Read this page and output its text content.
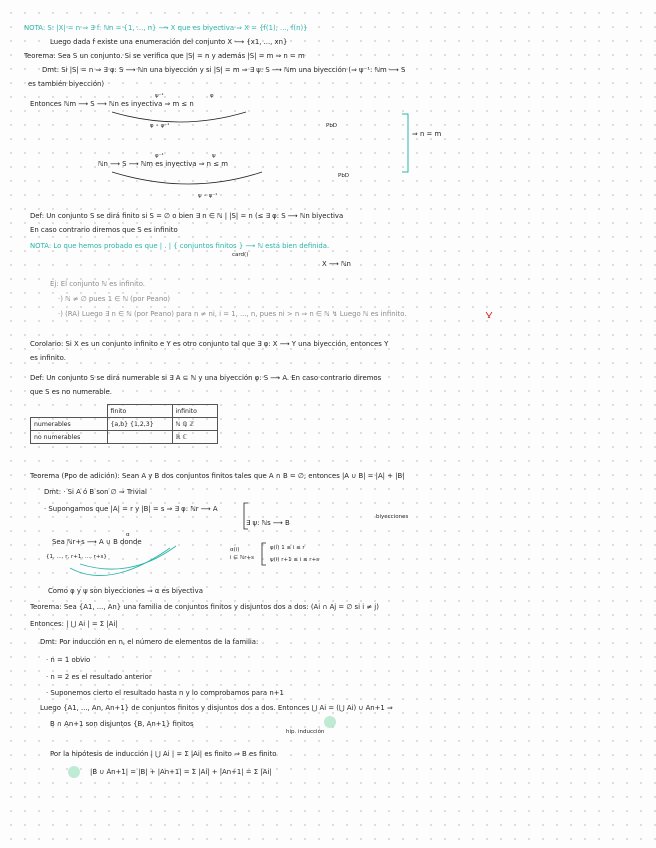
NOTA: S: |X| = n ⇒ ∃ f: ℕn = {1, ..., n} ⟶ X que es biyectiva ⇒ X = {f(1), ..., f(n)}
Luego dada f existe una enumeración del conjunto X ⟶ {x1, ..., xn}
Teorema: Sea S un conjunto. Si se verifica que |S| = n y además |S| = m ⇒ n = m
Dmt: Si |S| = n ⇒ ∃ φ: S ⟶ ℕn una biyección y si |S| = m ⇒ ∃ ψ: S ⟶ ℕm una biyección (⇒ ψ⁻¹: ℕm ⟶ S
es también biyección)
Entonces ℕm ⟶ S ⟶ ℕn es inyectiva ⇒ m ≤ n
ℕn ⟶ S ⟶ ℕm es inyectiva ⇒ n ≤ m
ψ⁻¹	φ
φ ∘ ψ⁻¹	PbD
φ⁻¹	ψ
PbD
ψ ∘ φ⁻¹
⇒ n = m
Def: Un conjunto S se dirá finito si S = ∅ o bien ∃ n ∈ ℕ | |S| = n (≤ ∃ φ: S ⟶ ℕn biyectiva
En caso contrario diremos que S es infinito
NOTA: Lo que hemos probado es que | . | { conjuntos finitos } ⟶ ℕ está bien definida.
card()
X ⟶ ℕn
Ej: El conjunto ℕ es infinito.
·) ℕ ≠ ∅ pues 1 ∈ ℕ (por Peano)
·) (RA) Luego ∃ n ∈ ℕ (por Peano) para n ≠ ni, i = 1, ..., n, pues ni > n ⇒ n ∈ ℕ ↯ Luego ℕ es infinito.
Corolario: Si X es un conjunto infinito e Y es otro conjunto tal que ∃ φ: X ⟶ Y una biyección, entonces Y
es infinito.
Def: Un conjunto S se dirá numerable si ∃ A ⊆ ℕ y una biyección φ: S ⟶ A. En caso contrario diremos
que S es no numerable.
	finito	infinito
numerables	{a,b} {1,2,3}	ℕ ℚ ℤ
no numerables		ℝ ℂ
Teorema (Ppo de adición): Sean A y B dos conjuntos finitos tales que A ∩ B = ∅, entonces |A ∪ B| = |A| + |B|
Dmt: · Si A ó B son ∅ ⇒ Trivial
· Supongamos que |A| = r y |B| = s ⇒ ∃ φ: ℕr ⟶ A
∃ ψ: ℕs ⟶ B
biyecciones
Sea ℕr+s ⟶ A ∪ B donde
α
{1, ..., r, r+1, ..., r+s}
α(i)
i ∈ ℕr+s
φ(i) 1 ≤ i ≤ r
ψ(i) r+1 ≤ i ≤ r+s
Como φ y ψ son biyecciones ⇒ α es biyectiva
Teorema: Sea {A1, ..., An} una familia de conjuntos finitos y disjuntos dos a dos: (Ai ∩ Aj = ∅ si i ≠ j)
Entonces: | ⋃ Ai | = Σ |Ai|
Dmt: Por inducción en n, el número de elementos de la familia:
· n = 1 obvio
· n = 2 es el resultado anterior
· Suponemos cierto el resultado hasta n y lo comprobamos para n+1
Luego {A1, ..., An, An+1} de conjuntos finitos y disjuntos dos a dos. Entonces ⋃ Ai = (⋃ Ai) ∪ An+1 ⇒
B ∩ An+1 son disjuntos {B, An+1} finitos
hip. inducción
Por la hipótesis de inducción | ⋃ Ai | = Σ |Ai| es finito ⇒ B es finito
|B ∪ An+1| = |B| + |An+1| = Σ |Ai| + |An+1| = Σ |Ai|
